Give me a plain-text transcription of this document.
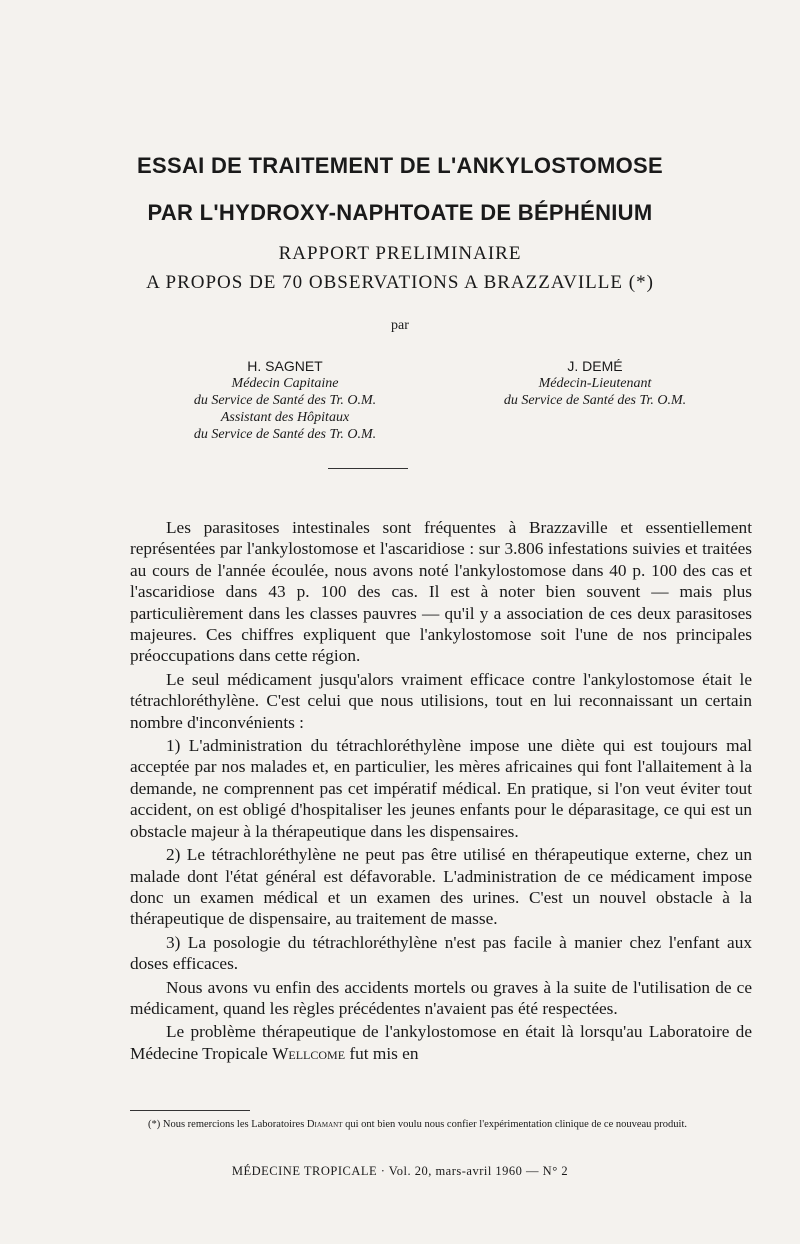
ESSAI DE TRAITEMENT DE L'ANKYLOSTOMOSE
PAR L'HYDROXY-NAPHTOATE DE BÉPHÉNIUM
RAPPORT PRELIMINAIRE
A PROPOS DE 70 OBSERVATIONS A BRAZZAVILLE (*)
par
H. SAGNET
Médecin Capitaine
du Service de Santé des Tr. O.M.
Assistant des Hôpitaux
du Service de Santé des Tr. O.M.
J. DEMÉ
Médecin-Lieutenant
du Service de Santé des Tr. O.M.

Les parasitoses intestinales sont fréquentes à Brazzaville et essentiellement représentées par l'ankylostomose et l'ascaridiose : sur 3.806 infestations suivies et traitées au cours de l'année écoulée, nous avons noté l'ankylostomose dans 40 p. 100 des cas et l'ascaridiose dans 43 p. 100 des cas. Il est à noter bien souvent — mais plus particulièrement dans les classes pauvres — qu'il y a association de ces deux parasitoses majeures. Ces chiffres expliquent que l'ankylostomose soit l'une de nos principales préoccupations dans cette région.

Le seul médicament jusqu'alors vraiment efficace contre l'ankylostomose était le tétrachloréthylène. C'est celui que nous utilisions, tout en lui reconnaissant un certain nombre d'inconvénients :

1) L'administration du tétrachloréthylène impose une diète qui est toujours mal acceptée par nos malades et, en particulier, les mères africaines qui font l'allaitement à la demande, ne comprennent pas cet impératif médical. En pratique, si l'on veut éviter tout accident, on est obligé d'hospitaliser les jeunes enfants pour le déparasitage, ce qui est un obstacle majeur à la thérapeutique dans les dispensaires.

2) Le tétrachloréthylène ne peut pas être utilisé en thérapeutique externe, chez un malade dont l'état général est défavorable. L'administration de ce médicament impose donc un examen médical et un examen des urines. C'est un nouvel obstacle à la thérapeutique de dispensaire, au traitement de masse.

3) La posologie du tétrachloréthylène n'est pas facile à manier chez l'enfant aux doses efficaces.

Nous avons vu enfin des accidents mortels ou graves à la suite de l'utilisation de ce médicament, quand les règles précédentes n'avaient pas été respectées.

Le problème thérapeutique de l'ankylostomose en était là lorsqu'au Laboratoire de Médecine Tropicale Wellcome fut mis en

(*) Nous remercions les Laboratoires Diamant qui ont bien voulu nous confier l'expérimentation clinique de ce nouveau produit.
MÉDECINE TROPICALE · Vol. 20, mars-avril 1960 — N° 2
